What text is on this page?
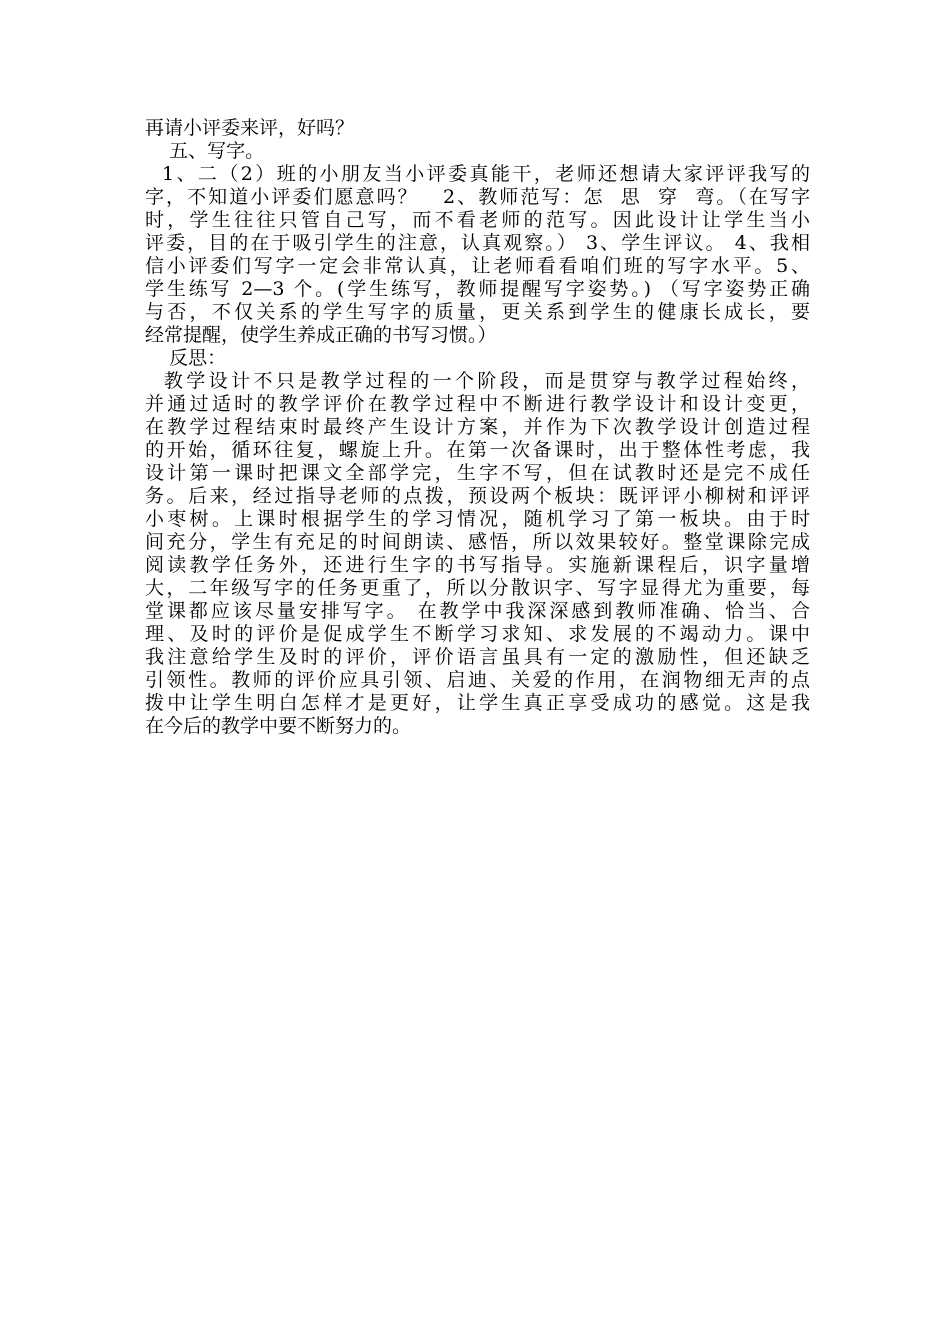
再请小评委来评，好吗？
五、写字。
1、二（2）班的小朋友当小评委真能干，老师还想请大家评评我写的
字，不知道小评委们愿意吗？   2、教师范写：怎  思  穿  弯。（在写字
时，学生往往只管自己写，而不看老师的范写。因此设计让学生当小
评委，目的在于吸引学生的注意，认真观察。） 3、学生评议。 4、我相
信小评委们写字一定会非常认真，让老师看看咱们班的写字水平。5、
学生练写 2—3 个。(学生练写，教师提醒写字姿势。) （写字姿势正确
与否，不仅关系的学生写字的质量，更关系到学生的健康长成长，要
经常提醒，使学生养成正确的书写习惯。）
反思：
教学设计不只是教学过程的一个阶段，而是贯穿与教学过程始终，
并通过适时的教学评价在教学过程中不断进行教学设计和设计变更，
在教学过程结束时最终产生设计方案，并作为下次教学设计创造过程
的开始，循环往复，螺旋上升。在第一次备课时，出于整体性考虑，我
设计第一课时把课文全部学完，生字不写，但在试教时还是完不成任
务。后来，经过指导老师的点拨，预设两个板块：既评评小柳树和评评
小枣树。上课时根据学生的学习情况，随机学习了第一板块。由于时
间充分，学生有充足的时间朗读、感悟，所以效果较好。整堂课除完成
阅读教学任务外，还进行生字的书写指导。实施新课程后，识字量增
大，二年级写字的任务更重了，所以分散识字、写字显得尤为重要，每
堂课都应该尽量安排写字。 在教学中我深深感到教师准确、恰当、合
理、及时的评价是促成学生不断学习求知、求发展的不竭动力。课中
我注意给学生及时的评价，评价语言虽具有一定的激励性，但还缺乏
引领性。教师的评价应具引领、启迪、关爱的作用，在润物细无声的点
拨中让学生明白怎样才是更好，让学生真正享受成功的感觉。这是我
在今后的教学中要不断努力的。
